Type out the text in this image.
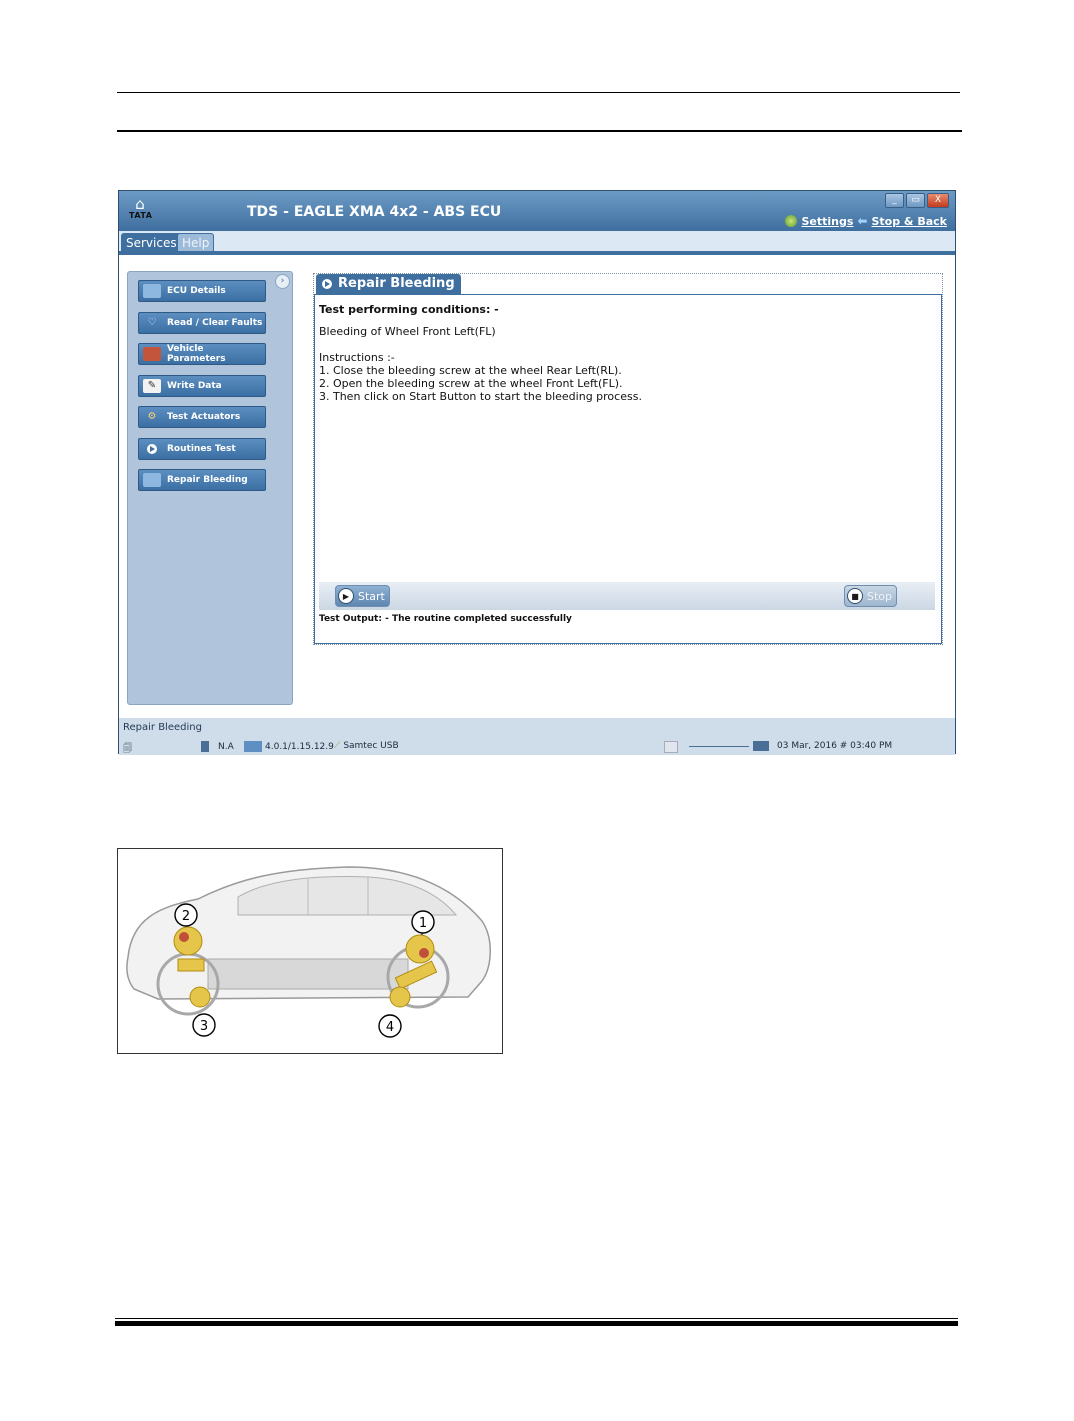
⌂
TATA	TDS - EAGLE XMA 4x2 - ABS ECU
_	▭	X
Settings ⬅ Stop & Back
Services Help
›
ECU Details
♡	Read / Clear Faults
Vehicle Parameters
✎	Write Data
⚙	Test Actuators
Routines Test
Repair Bleeding
Repair Bleeding
Test performing conditions: -
Bleeding of Wheel Front Left(FL)
Instructions :-
1. Close the bleeding screw at the wheel Rear Left(RL).
2. Open the bleeding screw at the wheel Front Left(FL).
3. Then click on Start Button to start the bleeding process.
▶ Start	■ Stop
Test Output: - The routine completed successfully
Repair Bleeding
🗐	N.A	4.0.1/1.15.12.9 ⟋ Samtec USB	03 Mar, 2016 # 03:40 PM
1
2
3	4
